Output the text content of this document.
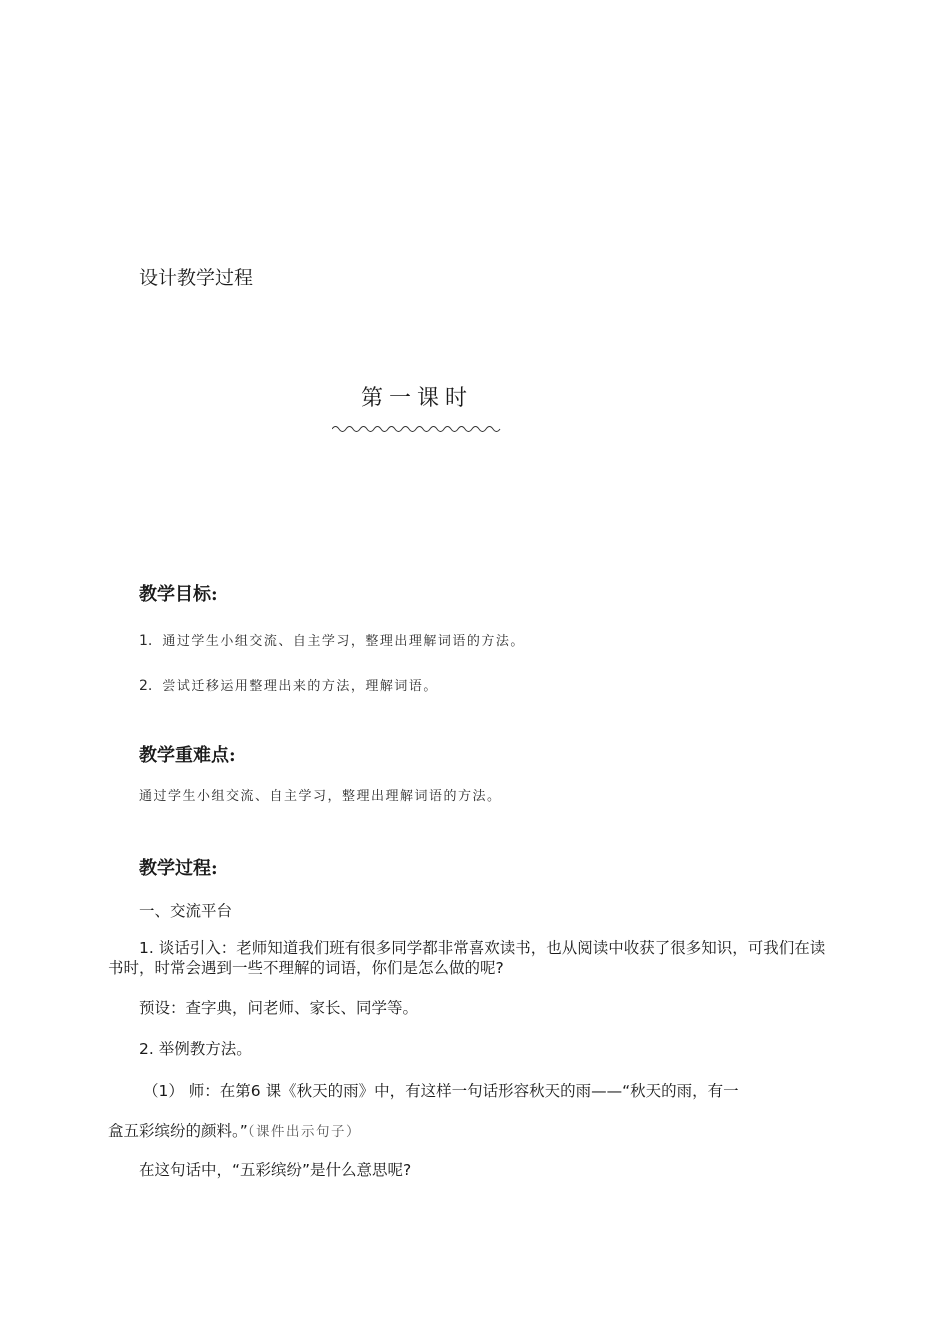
设计教学过程
第一课时
教学目标:
1. 通过学生小组交流、自主学习，整理出理解词语的方法。
2. 尝试迁移运用整理出来的方法，理解词语。
教学重难点:
通过学生小组交流、自主学习，整理出理解词语的方法。
教学过程:
一、交流平台
1. 谈话引入：老师知道我们班有很多同学都非常喜欢读书，也从阅读中收获了很多知识，可我们在读书时，时常会遇到一些不理解的词语，你们是怎么做的呢?
预设：查字典，问老师、家长、同学等。
2. 举例教方法。
（1） 师：在第6 课《秋天的雨》中，有这样一句话形容秋天的雨——“秋天的雨，有一
盒五彩缤纷的颜料。”（课件出示句子）
在这句话中，“五彩缤纷”是什么意思呢?
